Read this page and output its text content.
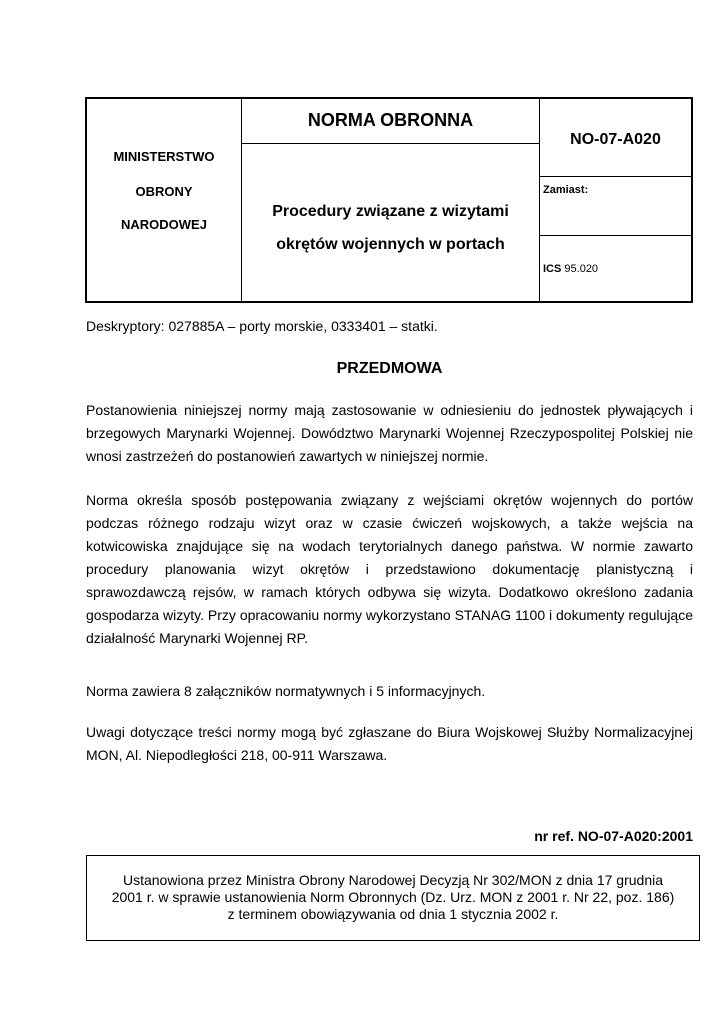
MINISTERSTWO
OBRONY
NARODOWEJ
NORMA OBRONNA
Procedury związane z wizytami
okrętów wojennych w portach
NO-07-A020
Zamiast:
ICS 95.020
Deskryptory: 027885A – porty morskie, 0333401 – statki.
PRZEDMOWA
Postanowienia niniejszej normy mają zastosowanie w odniesieniu do jednostek pływających i brzegowych Marynarki Wojennej. Dowództwo Marynarki Wojennej Rzeczypospolitej Polskiej nie wnosi zastrzeżeń do postanowień zawartych w niniejszej normie.
Norma określa sposób postępowania związany z wejściami okrętów wojennych do portów podczas różnego rodzaju wizyt oraz w czasie ćwiczeń wojskowych, a także wejścia na kotwicowiska znajdujące się na wodach terytorialnych danego państwa. W normie zawarto procedury planowania wizyt okrętów i przedstawiono dokumentację planistyczną i sprawozdawczą rejsów, w ramach których odbywa się wizyta. Dodatkowo określono zadania gospodarza wizyty. Przy opracowaniu normy wykorzystano STANAG 1100 i dokumenty regulujące działalność Marynarki Wojennej RP.
Norma zawiera 8 załączników normatywnych i 5 informacyjnych.
Uwagi dotyczące treści normy mogą być zgłaszane do Biura Wojskowej Służby Normalizacyjnej MON, Al. Niepodległości 218, 00-911 Warszawa.
nr ref. NO-07-A020:2001
Ustanowiona przez Ministra Obrony Narodowej Decyzją Nr 302/MON z dnia 17 grudnia
2001 r. w sprawie ustanowienia Norm Obronnych (Dz. Urz. MON z 2001 r. Nr 22, poz. 186)
z terminem obowiązywania od dnia 1 stycznia 2002 r.
